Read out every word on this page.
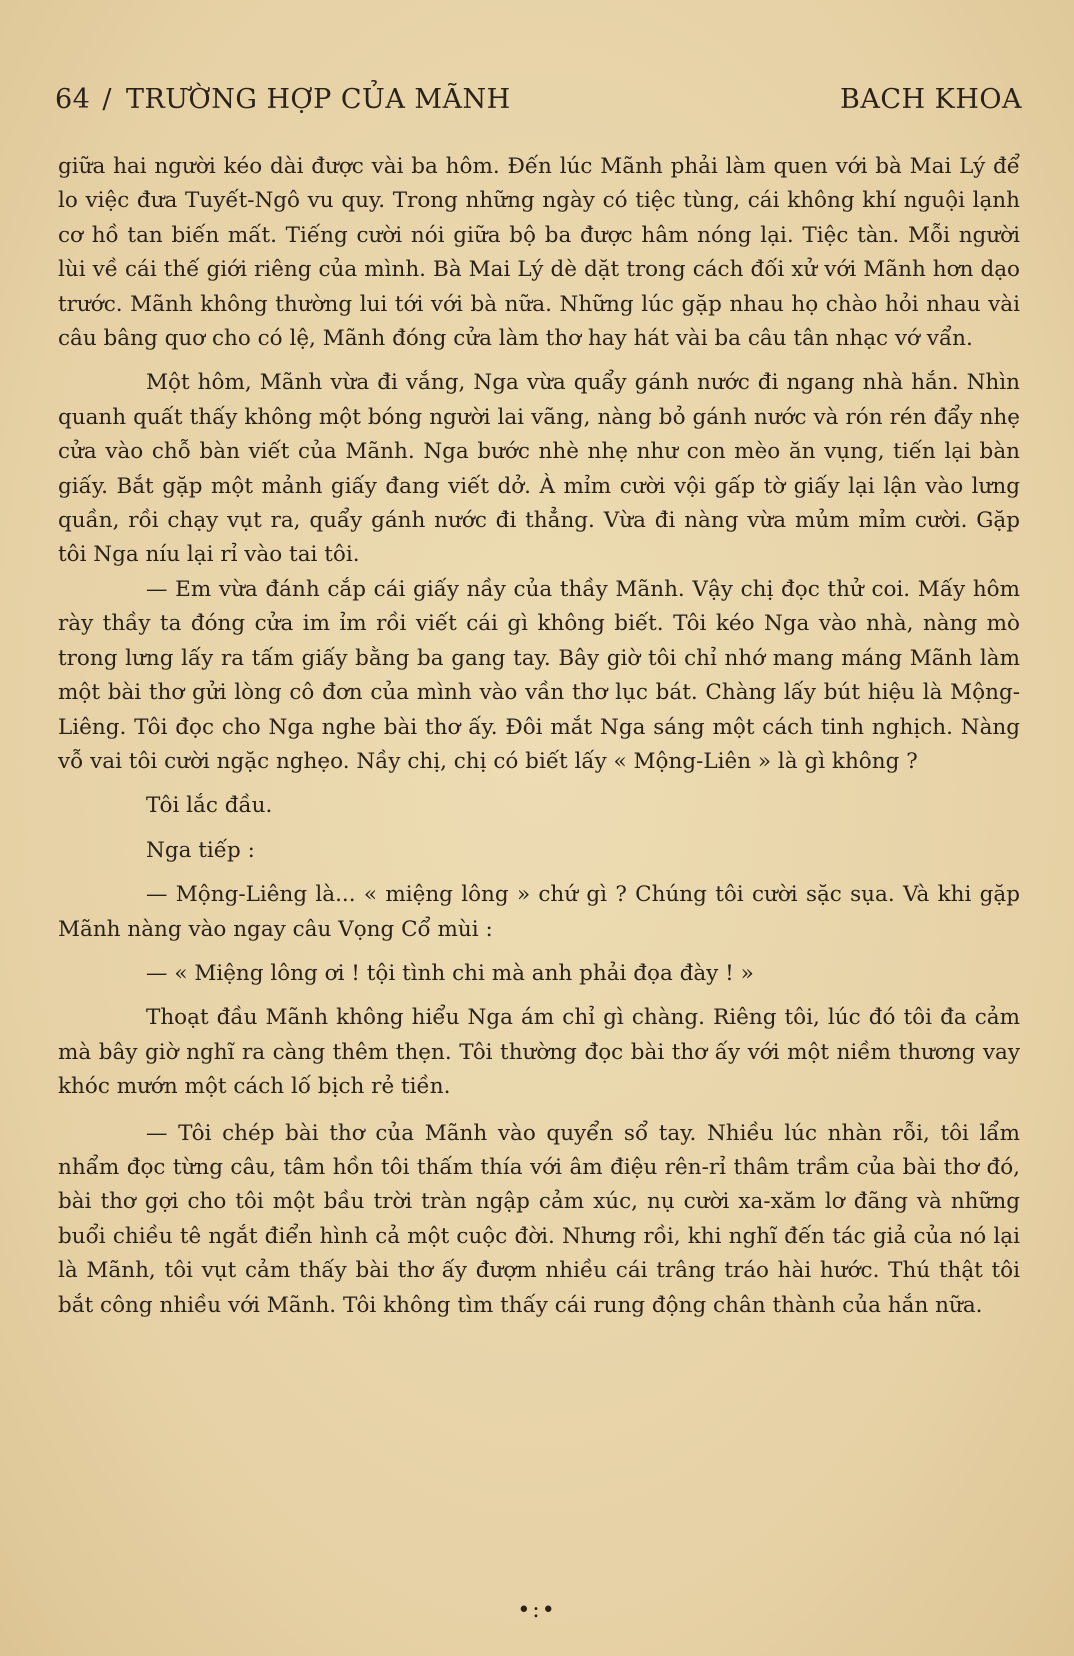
64 / TRƯỜNG HỢP CỦA MÃNH	BACH KHOA

giữa hai người kéo dài được vài ba hôm. Đến lúc Mãnh phải làm quen với bà Mai Lý để lo việc đưa Tuyết-Ngô vu quy. Trong những ngày có tiệc tùng, cái không khí nguội lạnh cơ hồ tan biến mất. Tiếng cười nói giữa bộ ba được hâm nóng lại. Tiệc tàn. Mỗi người lùi về cái thế giới riêng của mình. Bà Mai Lý dè dặt trong cách đối xử với Mãnh hơn dạo trước. Mãnh không thường lui tới với bà nữa. Những lúc gặp nhau họ chào hỏi nhau vài câu bâng quơ cho có lệ, Mãnh đóng cửa làm thơ hay hát vài ba câu tân nhạc vớ vẩn.

Một hôm, Mãnh vừa đi vắng, Nga vừa quẩy gánh nước đi ngang nhà hắn. Nhìn quanh quất thấy không một bóng người lai vãng, nàng bỏ gánh nước và rón rén đẩy nhẹ cửa vào chỗ bàn viết của Mãnh. Nga bước nhè nhẹ như con mèo ăn vụng, tiến lại bàn giấy. Bắt gặp một mảnh giấy đang viết dở. À mỉm cười vội gấp tờ giấy lại lận vào lưng quần, rồi chạy vụt ra, quẩy gánh nước đi thẳng. Vừa đi nàng vừa mủm mỉm cười. Gặp tôi Nga níu lại rỉ vào tai tôi.

— Em vừa đánh cắp cái giấy nầy của thầy Mãnh. Vậy chị đọc thử coi. Mấy hôm rày thầy ta đóng cửa im ỉm rồi viết cái gì không biết. Tôi kéo Nga vào nhà, nàng mò trong lưng lấy ra tấm giấy bằng ba gang tay. Bây giờ tôi chỉ nhớ mang máng Mãnh làm một bài thơ gửi lòng cô đơn của mình vào vần thơ lục bát. Chàng lấy bút hiệu là Mộng-Liêng. Tôi đọc cho Nga nghe bài thơ ấy. Đôi mắt Nga sáng một cách tinh nghịch. Nàng vỗ vai tôi cười ngặc nghẹo. Nầy chị, chị có biết lấy « Mộng-Liên » là gì không ?

Tôi lắc đầu.

Nga tiếp :

— Mộng-Liêng là... « miệng lông » chứ gì ? Chúng tôi cười sặc sụa. Và khi gặp Mãnh nàng vào ngay câu Vọng Cổ mùi :

— « Miệng lông ơi ! tội tình chi mà anh phải đọa đày ! »

Thoạt đầu Mãnh không hiểu Nga ám chỉ gì chàng. Riêng tôi, lúc đó tôi đa cảm mà bây giờ nghĩ ra càng thêm thẹn. Tôi thường đọc bài thơ ấy với một niềm thương vay khóc mướn một cách lố bịch rẻ tiền.

— Tôi chép bài thơ của Mãnh vào quyển sổ tay. Nhiều lúc nhàn rỗi, tôi lẩm nhẩm đọc từng câu, tâm hồn tôi thấm thía với âm điệu rên-rỉ thâm trầm của bài thơ đó, bài thơ gợi cho tôi một bầu trời tràn ngập cảm xúc, nụ cười xa-xăm lơ đãng và những buổi chiều tê ngắt điển hình cả một cuộc đời. Nhưng rồi, khi nghĩ đến tác giả của nó lại là Mãnh, tôi vụt cảm thấy bài thơ ấy đượm nhiều cái trâng tráo hài hước. Thú thật tôi bắt công nhiều với Mãnh. Tôi không tìm thấy cái rung động chân thành của hắn nữa.

•:•
